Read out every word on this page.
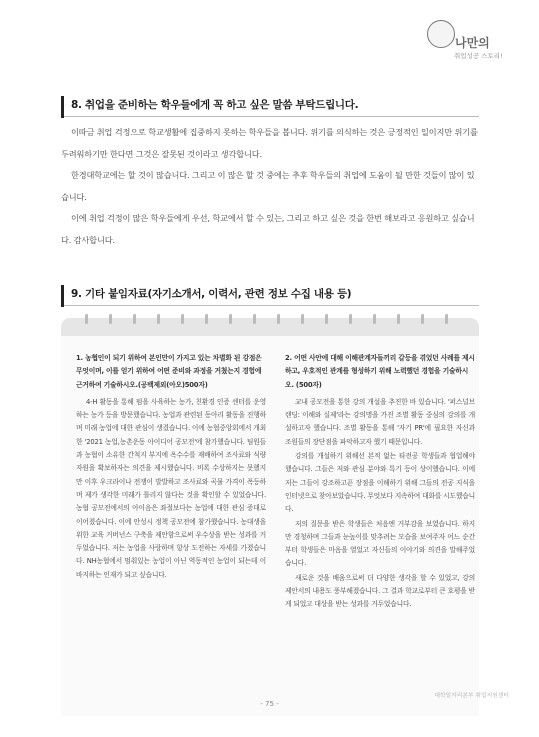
나만의
취업성공 스토리!
8. 취업을 준비하는 학우들에게 꼭 하고 싶은 말씀 부탁드립니다.

이따금 취업 걱정으로 학교생활에 집중하지 못하는 학우들을 봅니다. 위기를 의식하는 것은 긍정적인 일이지만 위기를 두려워하기만 한다면 그것은 잘못된 것이라고 생각합니다.

한경대학교에는 할 것이 많습니다. 그리고 이 많은 할 것 중에는 추후 학우들의 취업에 도움이 될 만한 것들이 많이 있습니다.

이에 취업 걱정이 많은 학우들에게 우선, 학교에서 할 수 있는, 그리고 하고 싶은 것을 한번 해보라고 응원하고 싶습니다. 감사합니다.

9. 기타 붙임자료(자기소개서, 이력서, 관련 정보 수집 내용 등)

1. 농협인이 되기 위하여 본인만이 가지고 있는 차별화 된 강점은 무엇이며, 이를 얻기 위하여 어떤 준비와 과정을 거쳤는지 경험에 근거하여 기술하시오.(공백제외(아오)500자)

4-H 활동을 통해 펌을 사육하는 농가, 친환경 인증 센터를 운영하는 농가 등을 방문했습니다. 농업과 관련된 동아리 활동을 진행하며 미래 농업에 대한 관심이 생겼습니다. 이에 농협중앙회에서 개최한 '2021 농업,농촌운동 아이디어 공모전'에 참가했습니다. 팀원들과 농협이 소유한 간척지 부지에 옥수수를 재배하여 조사료와 식량 자원을 확보하자는 의견을 제시했습니다. 비록 수상하지는 못했지만 이후 우크라이나 전쟁이 발발하고 조사료와 곡물 가격이 폭등하며 제가 생각한 미래가 틀리지 않다는 것을 확인할 수 있었습니다. 농협 공모전에서의 아이음은 좌절보다는 농업에 대한 관심 증대로 이어졌습니다. 이에 안성시 정책 공모전에 참가했습니다. 농대생을 위한 교육 거버넌스 구축을 제안함으로써 우수상을 받는 성과를 거두었습니다. 저는 농업을 사랑하며 항상 도전하는 자세를 가졌습니다. NH농협에서 멈춰있는 농업이 아닌 역동적인 농업이 되는데 이바지하는 인재가 되고 싶습니다.

2. 어떤 사안에 대해 이해관계자들끼리 갈등을 겪었던 사례를 제시하고, 우호적인 관계를 형성하기 위해 노력했던 경험을 기술하시오. (500자)

교내 공모전을 통한 강의 개설을 추진한 바 있습니다. '퍼스널브랜딩: 이해와 실제'라는 강의명을 가진 조별 활동 중심의 강의를 개설하고자 했습니다. 조별 활동을 통해 '자기 PR'에 필요한 자신과 조원들의 장단점을 파악하고자 했기 때문입니다.

강의를 개설하기 위해선 본적 없는 타전공 학생들과 협업해야 했습니다. 그들은 저와 관심 분야와 특기 등이 상이했습니다. 이에 저는 그들이 강조하고픈 장점을 이해하기 위해 그들의 전공 지식을 인터넷으로 찾아보았습니다. 무엇보다 지속하여 대화를 시도했습니다.

저의 질문을 받은 학생들은 처음엔 거부감을 보였습니다. 하지만 경청하며 그들과 눈높이를 맞추려는 모습을 보여주자 어느 순간부터 학생들은 마음을 열었고 자신들의 이야기와 의견을 말해주었습니다.

새로운 것을 배움으로써 더 다양한 생각을 할 수 있었고, 강의 제안서의 내용도 풍부해졌습니다. 그 결과 학교로부터 큰 호평을 받게 되었고 대상을 받는 성과를 거두었습니다.

대학일자리본부 취업지원센터
- 75 -
